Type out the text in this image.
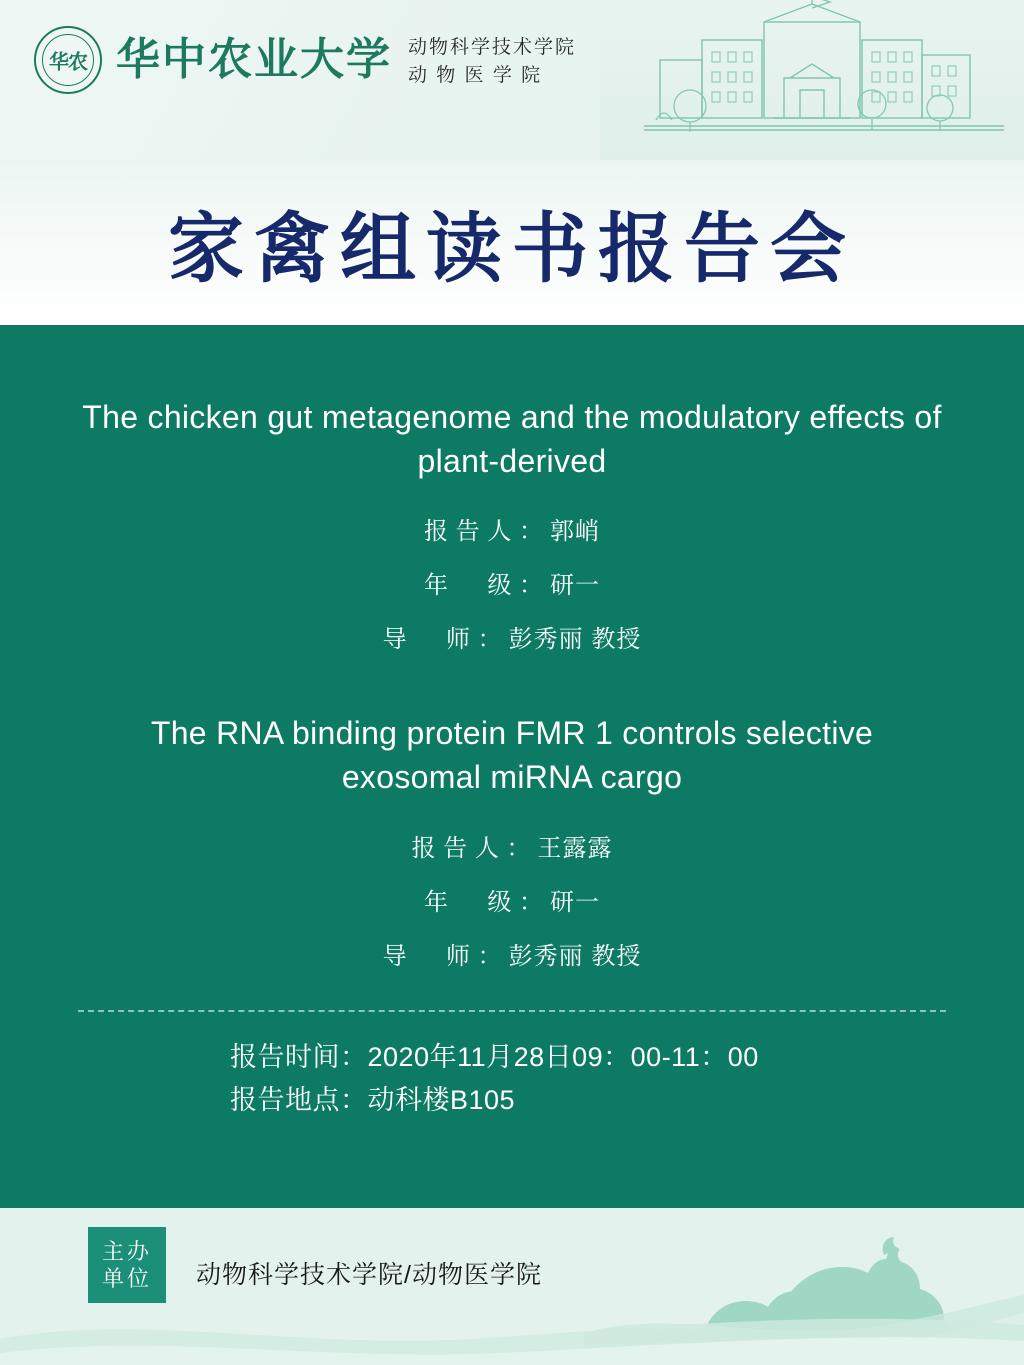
华农 华中农业大学 动物科学技术学院
动 物 医 学 院
家禽组读书报告会
The chicken gut metagenome and the modulatory effects of plant-derived
报告人： 郭峭
年　级： 研一
导　师： 彭秀丽 教授
The RNA binding protein FMR 1 controls selective exosomal miRNA cargo
报告人： 王露露
年　级： 研一
导　师： 彭秀丽 教授
报告时间：2020年11月28日09：00-11：00
报告地点：动科楼B105
主办
单位 动物科学技术学院/动物医学院
